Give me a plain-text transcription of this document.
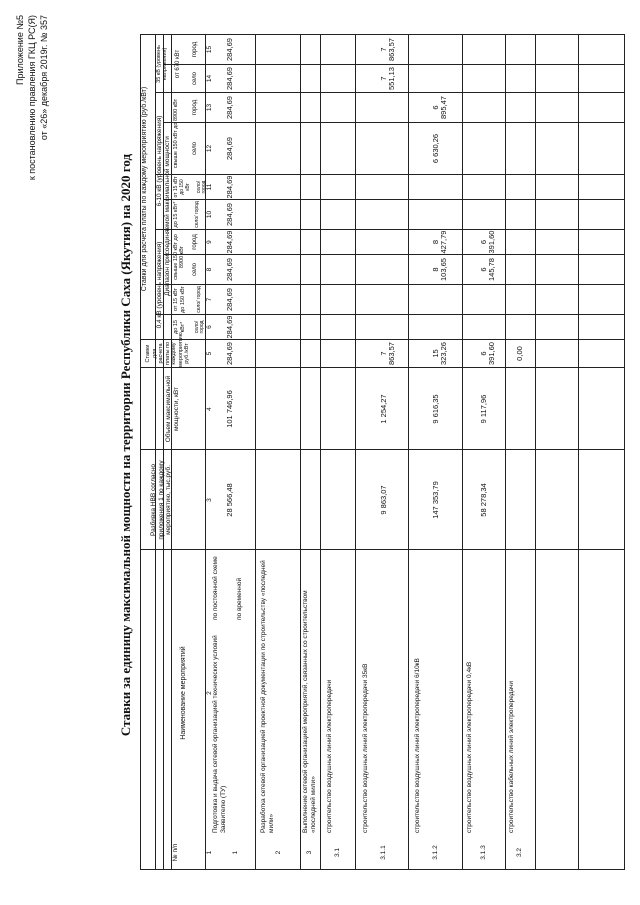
Приложение №5 к постановлению правления ГКЦ РС(Я) от «26» декабря 2019г. № 357
Ставки за единицу максимальной мощности на территории Республики Саха (Якутия) на 2020 год
№ п/п
Разбивка НВВ согласно приложения 1 по каждому мероприятию, тыс.руб.
Объем максимальной мощности, кВт
Ставки для расчета платы по каждому мероприятию, руб./кВт
Ставки для расчета платы по каждому мероприятию (руб./кВт)	0,4 кВ (уровень напряжения)
6-10 кВ (уровень напряжения)
35 кВ (уровень напряжения)
Диапазон присоединяемой максимальной мощности
до 15 кВт*
от 15 кВт до 150 кВт
свыше 150 кВт до 8900 кВт
до 15 кВт*
от 15 кВт до 150 кВт
свыше 150 кВт до 8900 кВт
от 670 кВт
село/ город
село/ город
село
город
село/ город
село/ город
село
город
село
город
Наименование мероприятий
1
2
3
4
5
6
7
8
9
10
11
12
13
14
15
1
Подготовка и выдача сетевой организацией технических условий Заявителю (ТУ)
по постоянной схеме	по временной
28 566,48
101 746,96
284,69
284,69
284,69
284,69
284,69
284,69
284,69
284,69
284,69
284,69
284,69
2
Разработка сетевой организацией проектной документации по строительству «последней мили»
3
Выполнение сетевой организацией мероприятий, связанных со строительством «последней мили»
3.1
строительство воздушных линий электропередачи
3.1.1
строительство воздушных линий электропередачи 35кВ
9 863,07
1 254,27
7 863,57
7 551,13
7 863,57
3.1.2
строительство воздушных линий электропередачи 6/10кВ
147 353,79
9 616,35
15 323,26
8 103,65
8 427,79
6 630,26
6 895,47
3.1.3
строительство воздушных линий электропередачи 0,4кВ
58 278,34
9 117,96
6 391,60
6 145,78
6 391,60
3.2
строительство кабельных линий электропередачи
0,00
